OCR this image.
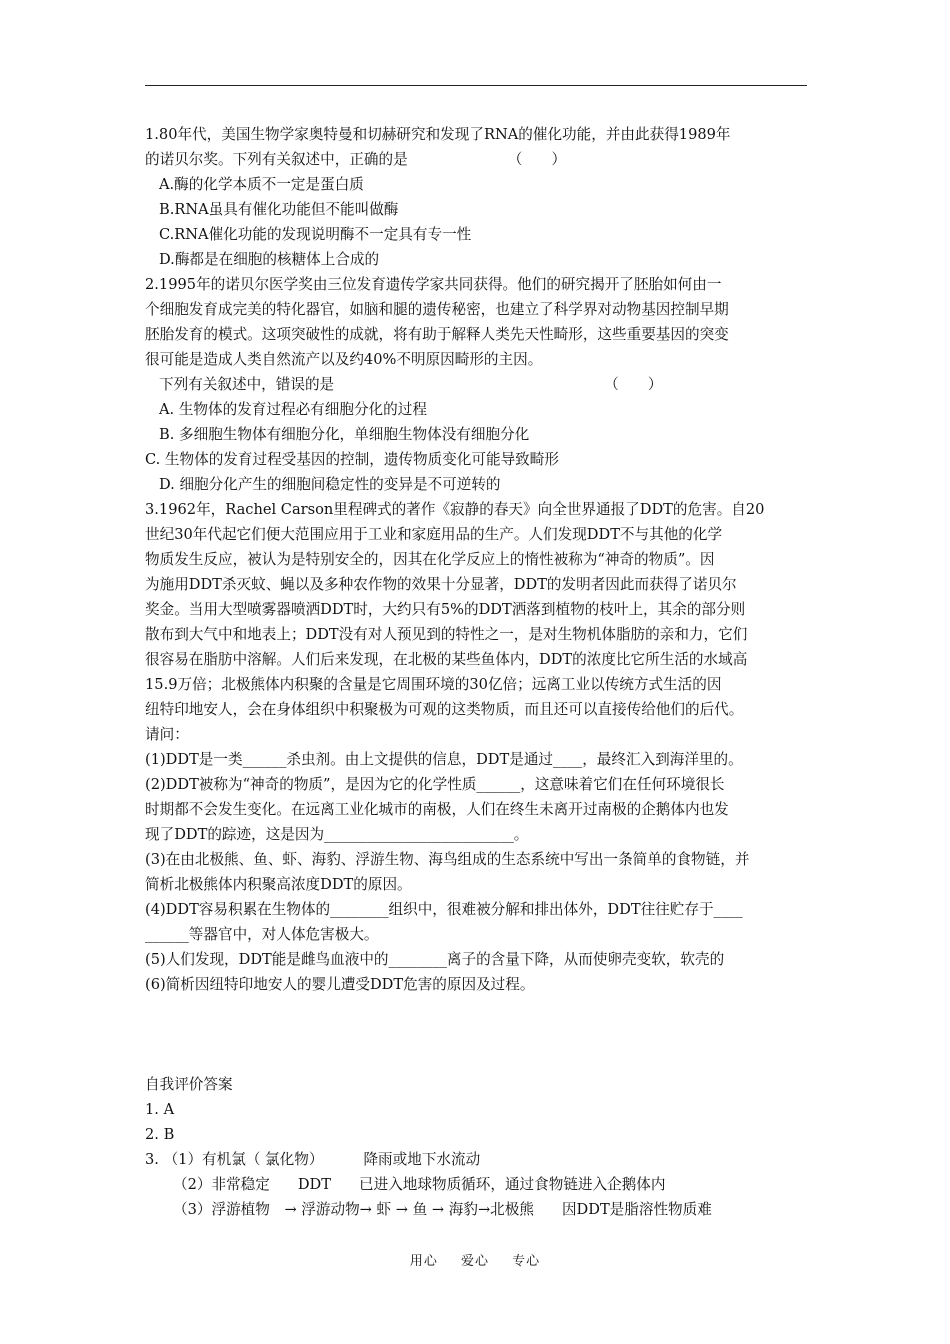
1.80年代，美国生物学家奥特曼和切赫研究和发现了RNA的催化功能，并由此获得1989年
的诺贝尔奖。下列有关叙述中，正确的是	（　　）
A.酶的化学本质不一定是蛋白质
B.RNA虽具有催化功能但不能叫做酶
C.RNA催化功能的发现说明酶不一定具有专一性
D.酶都是在细胞的核糖体上合成的
2.1995年的诺贝尔医学奖由三位发育遗传学家共同获得。他们的研究揭开了胚胎如何由一
个细胞发育成完美的特化器官，如脑和腿的遗传秘密，也建立了科学界对动物基因控制早期
胚胎发育的模式。这项突破性的成就，将有助于解释人类先天性畸形，这些重要基因的突变
很可能是造成人类自然流产以及约40%不明原因畸形的主因。
下列有关叙述中，错误的是	（　　）
A. 生物体的发育过程必有细胞分化的过程
B. 多细胞生物体有细胞分化，单细胞生物体没有细胞分化
C. 生物体的发育过程受基因的控制，遗传物质变化可能导致畸形
D. 细胞分化产生的细胞间稳定性的变异是不可逆转的
3.1962年，Rachel Carson里程碑式的著作《寂静的春天》向全世界通报了DDT的危害。自20
世纪30年代起它们便大范围应用于工业和家庭用品的生产。人们发现DDT不与其他的化学
物质发生反应，被认为是特别安全的，因其在化学反应上的惰性被称为“神奇的物质”。因
为施用DDT杀灭蚊、蝇以及多种农作物的效果十分显著，DDT的发明者因此而获得了诺贝尔
奖金。当用大型喷雾器喷洒DDT时，大约只有5%的DDT洒落到植物的枝叶上，其余的部分则
散布到大气中和地表上；DDT没有对人预见到的特性之一，是对生物机体脂肪的亲和力，它们
很容易在脂肪中溶解。人们后来发现，在北极的某些鱼体内，DDT的浓度比它所生活的水域高
15.9万倍；北极熊体内积聚的含量是它周围环境的30亿倍；远离工业以传统方式生活的因
纽特印地安人，会在身体组织中积聚极为可观的这类物质，而且还可以直接传给他们的后代。
请问：
(1)DDT是一类______杀虫剂。由上文提供的信息，DDT是通过____，最终汇入到海洋里的。
(2)DDT被称为“神奇的物质”，是因为它的化学性质______，这意味着它们在任何环境很长
时期都不会发生变化。在远离工业化城市的南极，人们在终生未离开过南极的企鹅体内也发
现了DDT的踪迹，这是因为__________________________。
(3)在由北极熊、鱼、虾、海豹、浮游生物、海鸟组成的生态系统中写出一条简单的食物链，并
简析北极熊体内积聚高浓度DDT的原因。
(4)DDT容易积累在生物体的________组织中，很难被分解和排出体外，DDT往往贮存于____
______等器官中，对人体危害极大。
(5)人们发现，DDT能是雌鸟血液中的________离子的含量下降，从而使卵壳变软，软壳的
(6)简析因纽特印地安人的婴儿遭受DDT危害的原因及过程。
自我评价答案
1. A
2. B
3. （1）有机氯（ 氯化物）	降雨或地下水流动
（2）非常稳定 DDT 已进入地球物质循环，通过食物链进入企鹅体内
（3）浮游植物　→ 浮游动物→ 虾 → 鱼 → 海豹→北极熊 因DDT是脂溶性物质难
用心 爱心 专心
